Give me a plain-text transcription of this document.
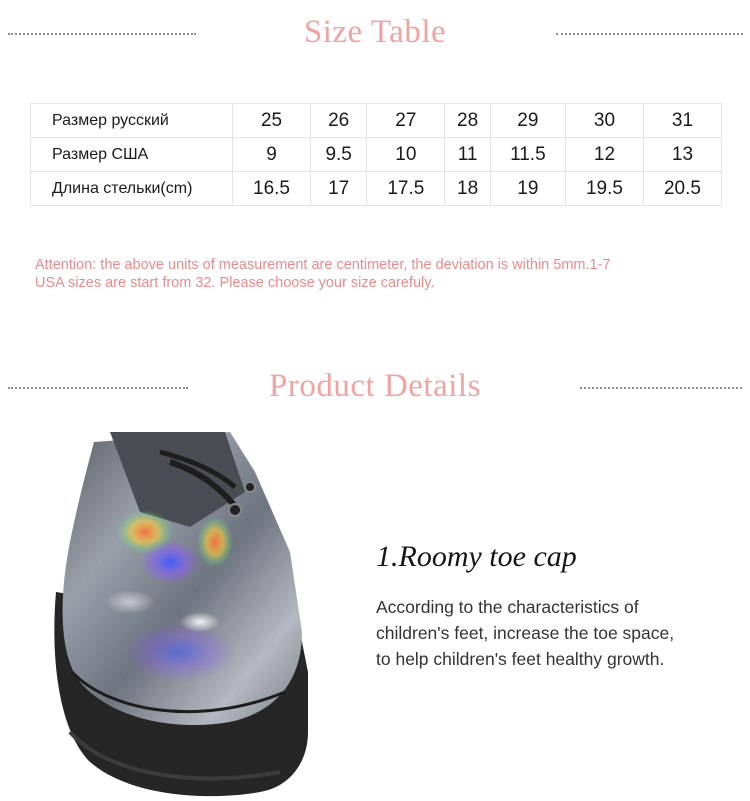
Size Table
Размер русский	25	26	27	28	29	30	31
Размер США	9	9.5	10	11	11.5	12	13
Длина стельки(cm)	16.5	17	17.5	18	19	19.5	20.5
Attention: the above units of measurement are centimeter, the deviation is within 5mm.1-7
USA sizes are start from 32. Please choose your size carefuly.
Product Details
1.Roomy toe cap
According to the characteristics of
children's feet, increase the toe space,
to help children's feet healthy growth.
